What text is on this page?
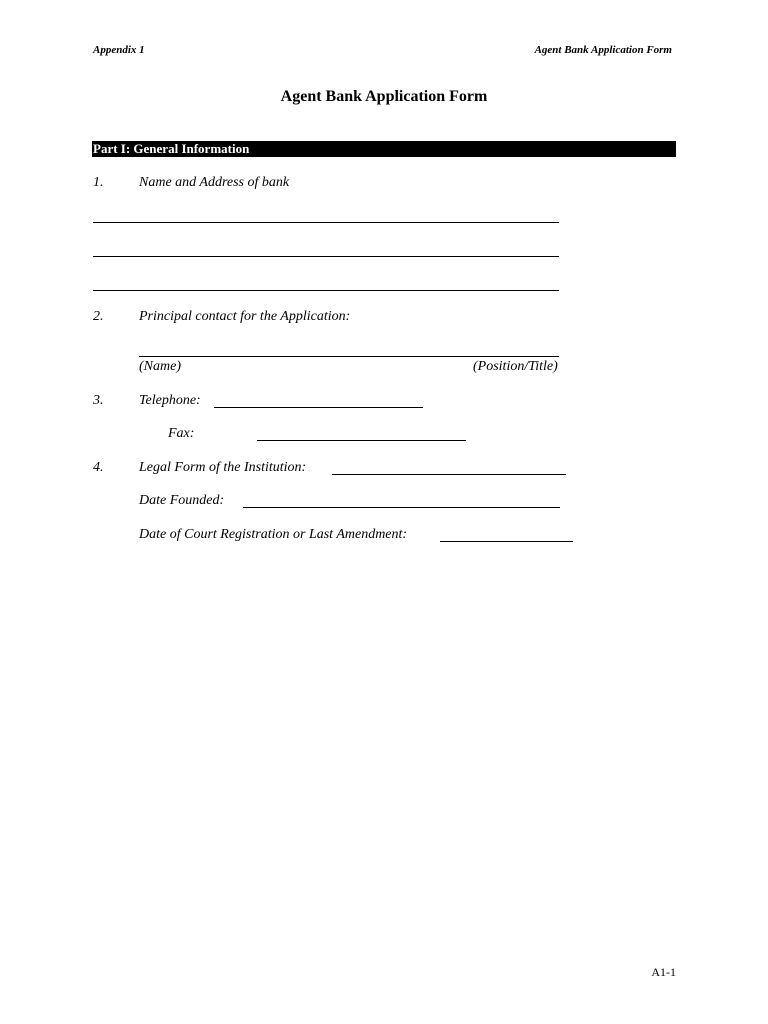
Appendix 1	Agent Bank Application Form
Agent Bank Application Form
Part I: General Information
1.	Name and Address of bank
2.	Principal contact for the Application:
(Name)	(Position/Title)
3.	Telephone:
Fax:
4.	Legal Form of the Institution:
Date Founded:
Date of Court Registration or Last Amendment:
A1-1
